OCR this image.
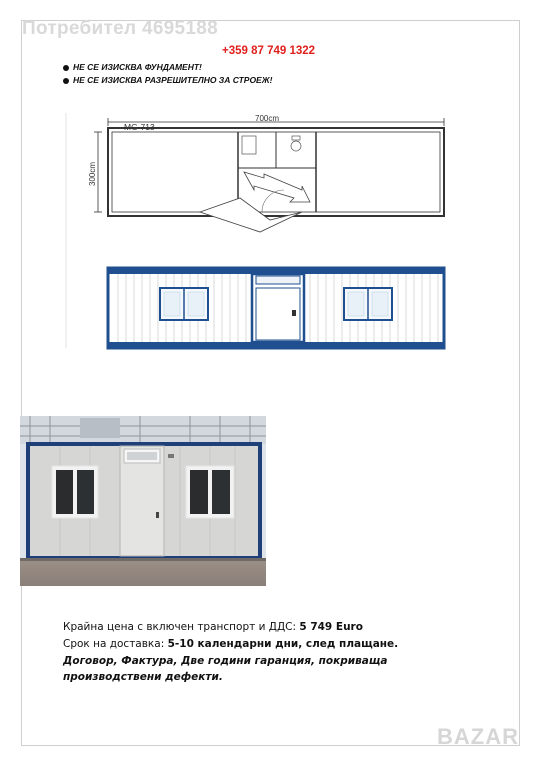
Потребител 4695188
+359 87 749 1322
НЕ СЕ ИЗИСКВА ФУНДАМЕНТ!
НЕ СЕ ИЗИСКВА РАЗРЕШИТЕЛНО ЗА СТРОЕЖ!
700cm
300cm
MG-713
Крайна цена с включен транспорт и ДДС: 5 749 Euro
Срок на доставка: 5-10 календарни дни, след плащане.
Договор, Фактура, Две години гаранция, покриваща
производствени дефекти.
BAZAR
